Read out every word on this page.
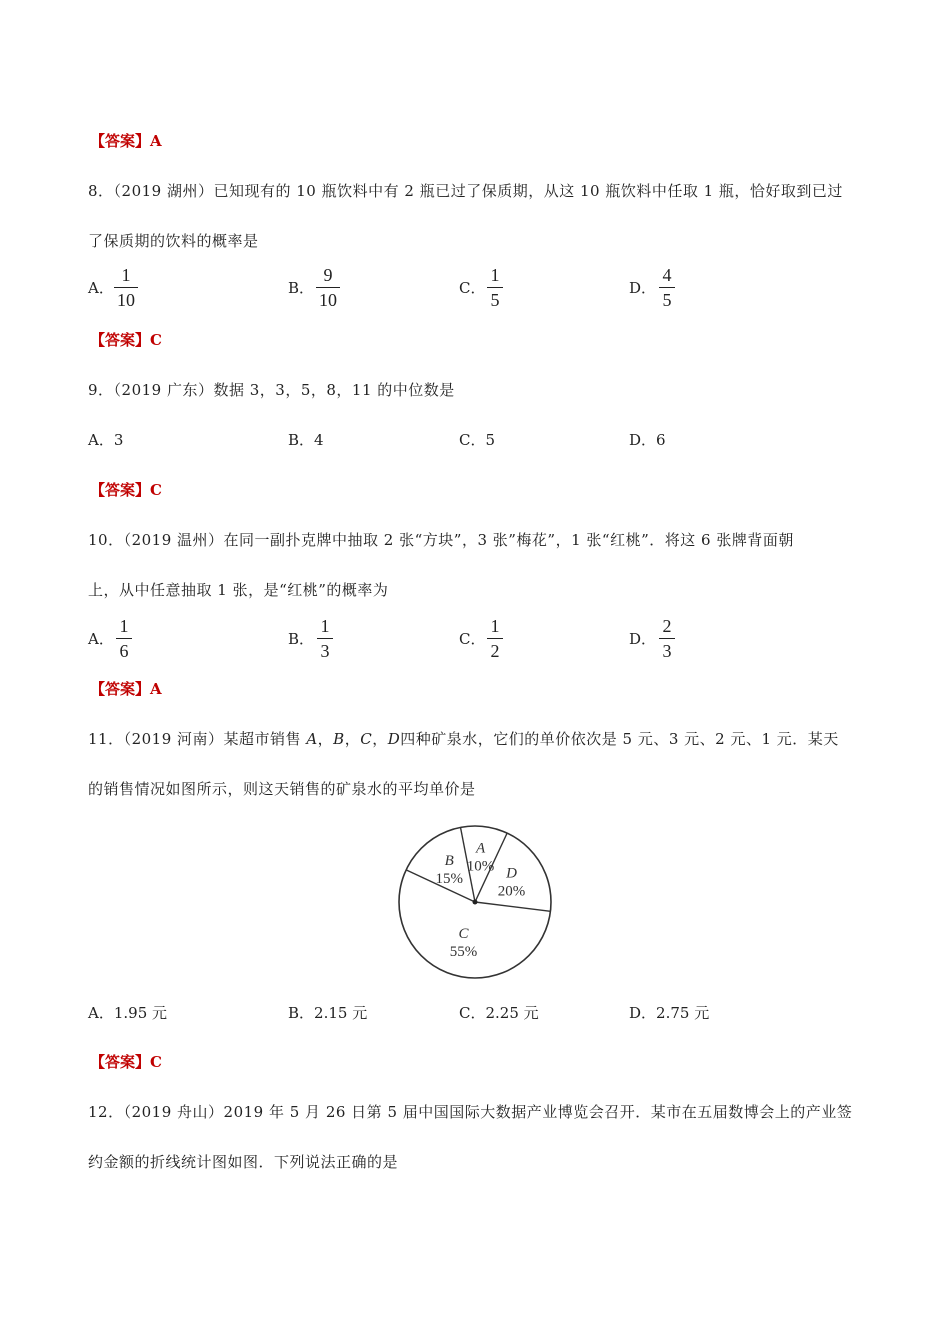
【答案】A
8．（2019 湖州）已知现有的 10 瓶饮料中有 2 瓶已过了保质期，从这 10 瓶饮料中任取 1 瓶，恰好取到已过
了保质期的饮料的概率是
A．
1
10
B．
9
10
C．
1
5
D．
4
5
【答案】C
9．（2019 广东）数据 3，3，5，8，11 的中位数是
A．3	B．4	C．5	D．6
【答案】C
10．（2019 温州）在同一副扑克牌中抽取 2 张“方块”，3 张”梅花”，1 张“红桃”．将这 6 张牌背面朝
上，从中任意抽取 1 张，是“红桃”的概率为
A．
1
6
B．
1
3
C．
1
2
D．
2
3
【答案】A
11．（2019 河南）某超市销售 A，B，C，D四种矿泉水，它们的单价依次是 5 元、3 元、2 元、1 元．某天
的销售情况如图所示，则这天销售的矿泉水的平均单价是
A
10% D
20%
C
55%
B
15%
A．1.95 元	B．2.15 元	C．2.25 元	D．2.75 元
【答案】C
12．（2019 舟山）2019 年 5 月 26 日第 5 届中国国际大数据产业博览会召开．某市在五届数博会上的产业签
约金额的折线统计图如图．下列说法正确的是
